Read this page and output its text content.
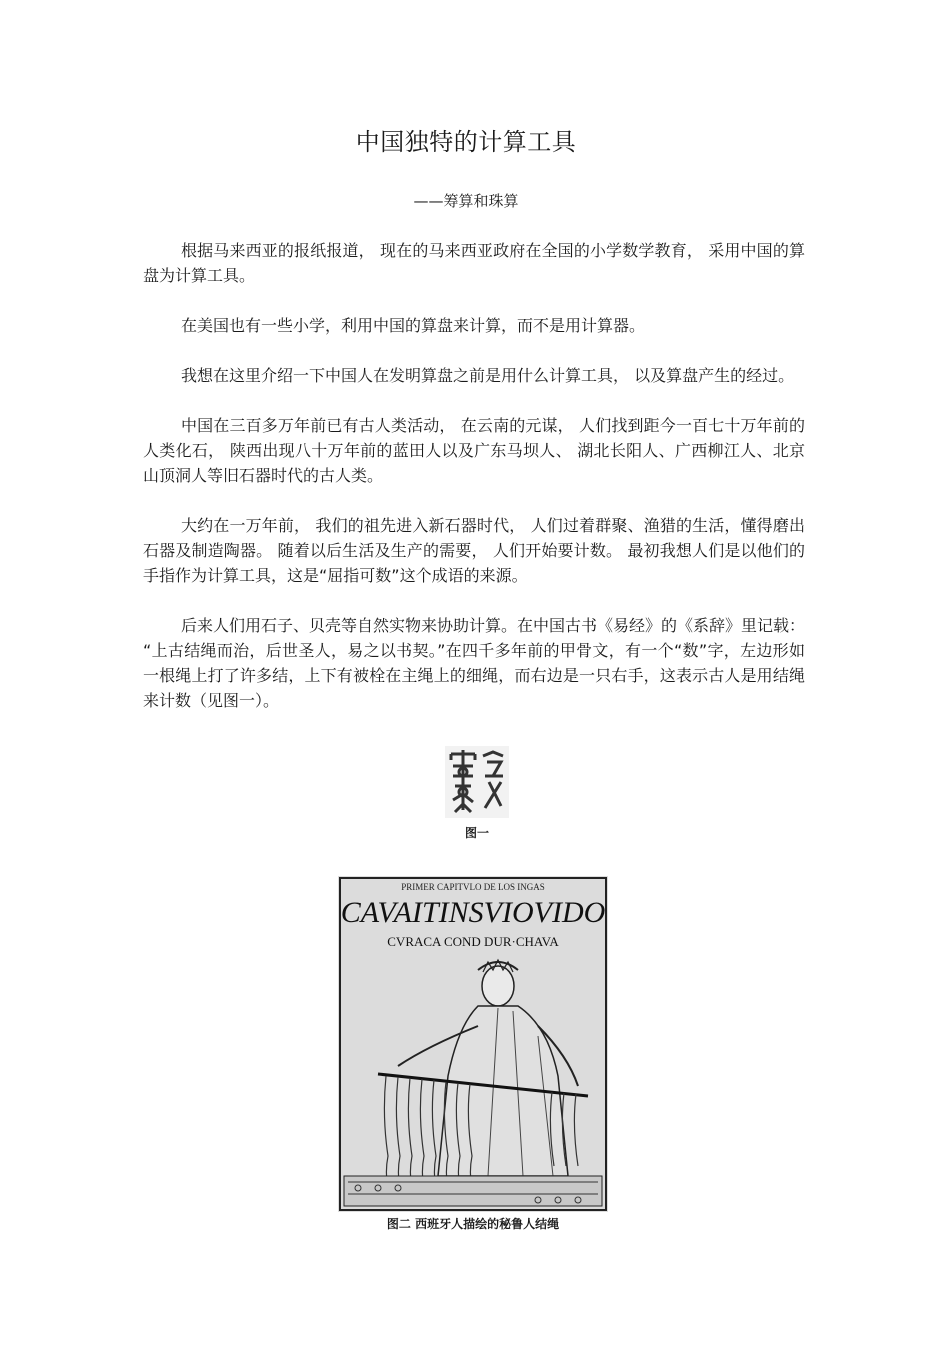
中国独特的计算工具
——筹算和珠算

根据马来西亚的报纸报道， 现在的马来西亚政府在全国的小学数学教育， 采用中国的算盘为计算工具。

在美国也有一些小学，利用中国的算盘来计算，而不是用计算器。

我想在这里介绍一下中国人在发明算盘之前是用什么计算工具， 以及算盘产生的经过。

中国在三百多万年前已有古人类活动， 在云南的元谋， 人们找到距今一百七十万年前的人类化石， 陕西出现八十万年前的蓝田人以及广东马坝人、 湖北长阳人、广西柳江人、北京山顶洞人等旧石器时代的古人类。

大约在一万年前， 我们的祖先进入新石器时代， 人们过着群聚、渔猎的生活，懂得磨出石器及制造陶器。 随着以后生活及生产的需要， 人们开始要计数。 最初我想人们是以他们的手指作为计算工具，这是“屈指可数”这个成语的来源。

后来人们用石子、贝壳等自然实物来协助计算。在中国古书《易经》的《系辞》里记载： “上古结绳而治，后世圣人，易之以书契。”在四千多年前的甲骨文，有一个“数”字，左边形如一根绳上打了许多结，上下有被栓在主绳上的细绳，而右边是一只右手，这表示古人是用结绳来计数（见图一）。

图一
PRIMER CAPITVLO DE LOS INGAS
CAVAITINSVIOVIDO
CVRACA COND DUR·CHAVA
图二 西班牙人描绘的秘鲁人结绳
